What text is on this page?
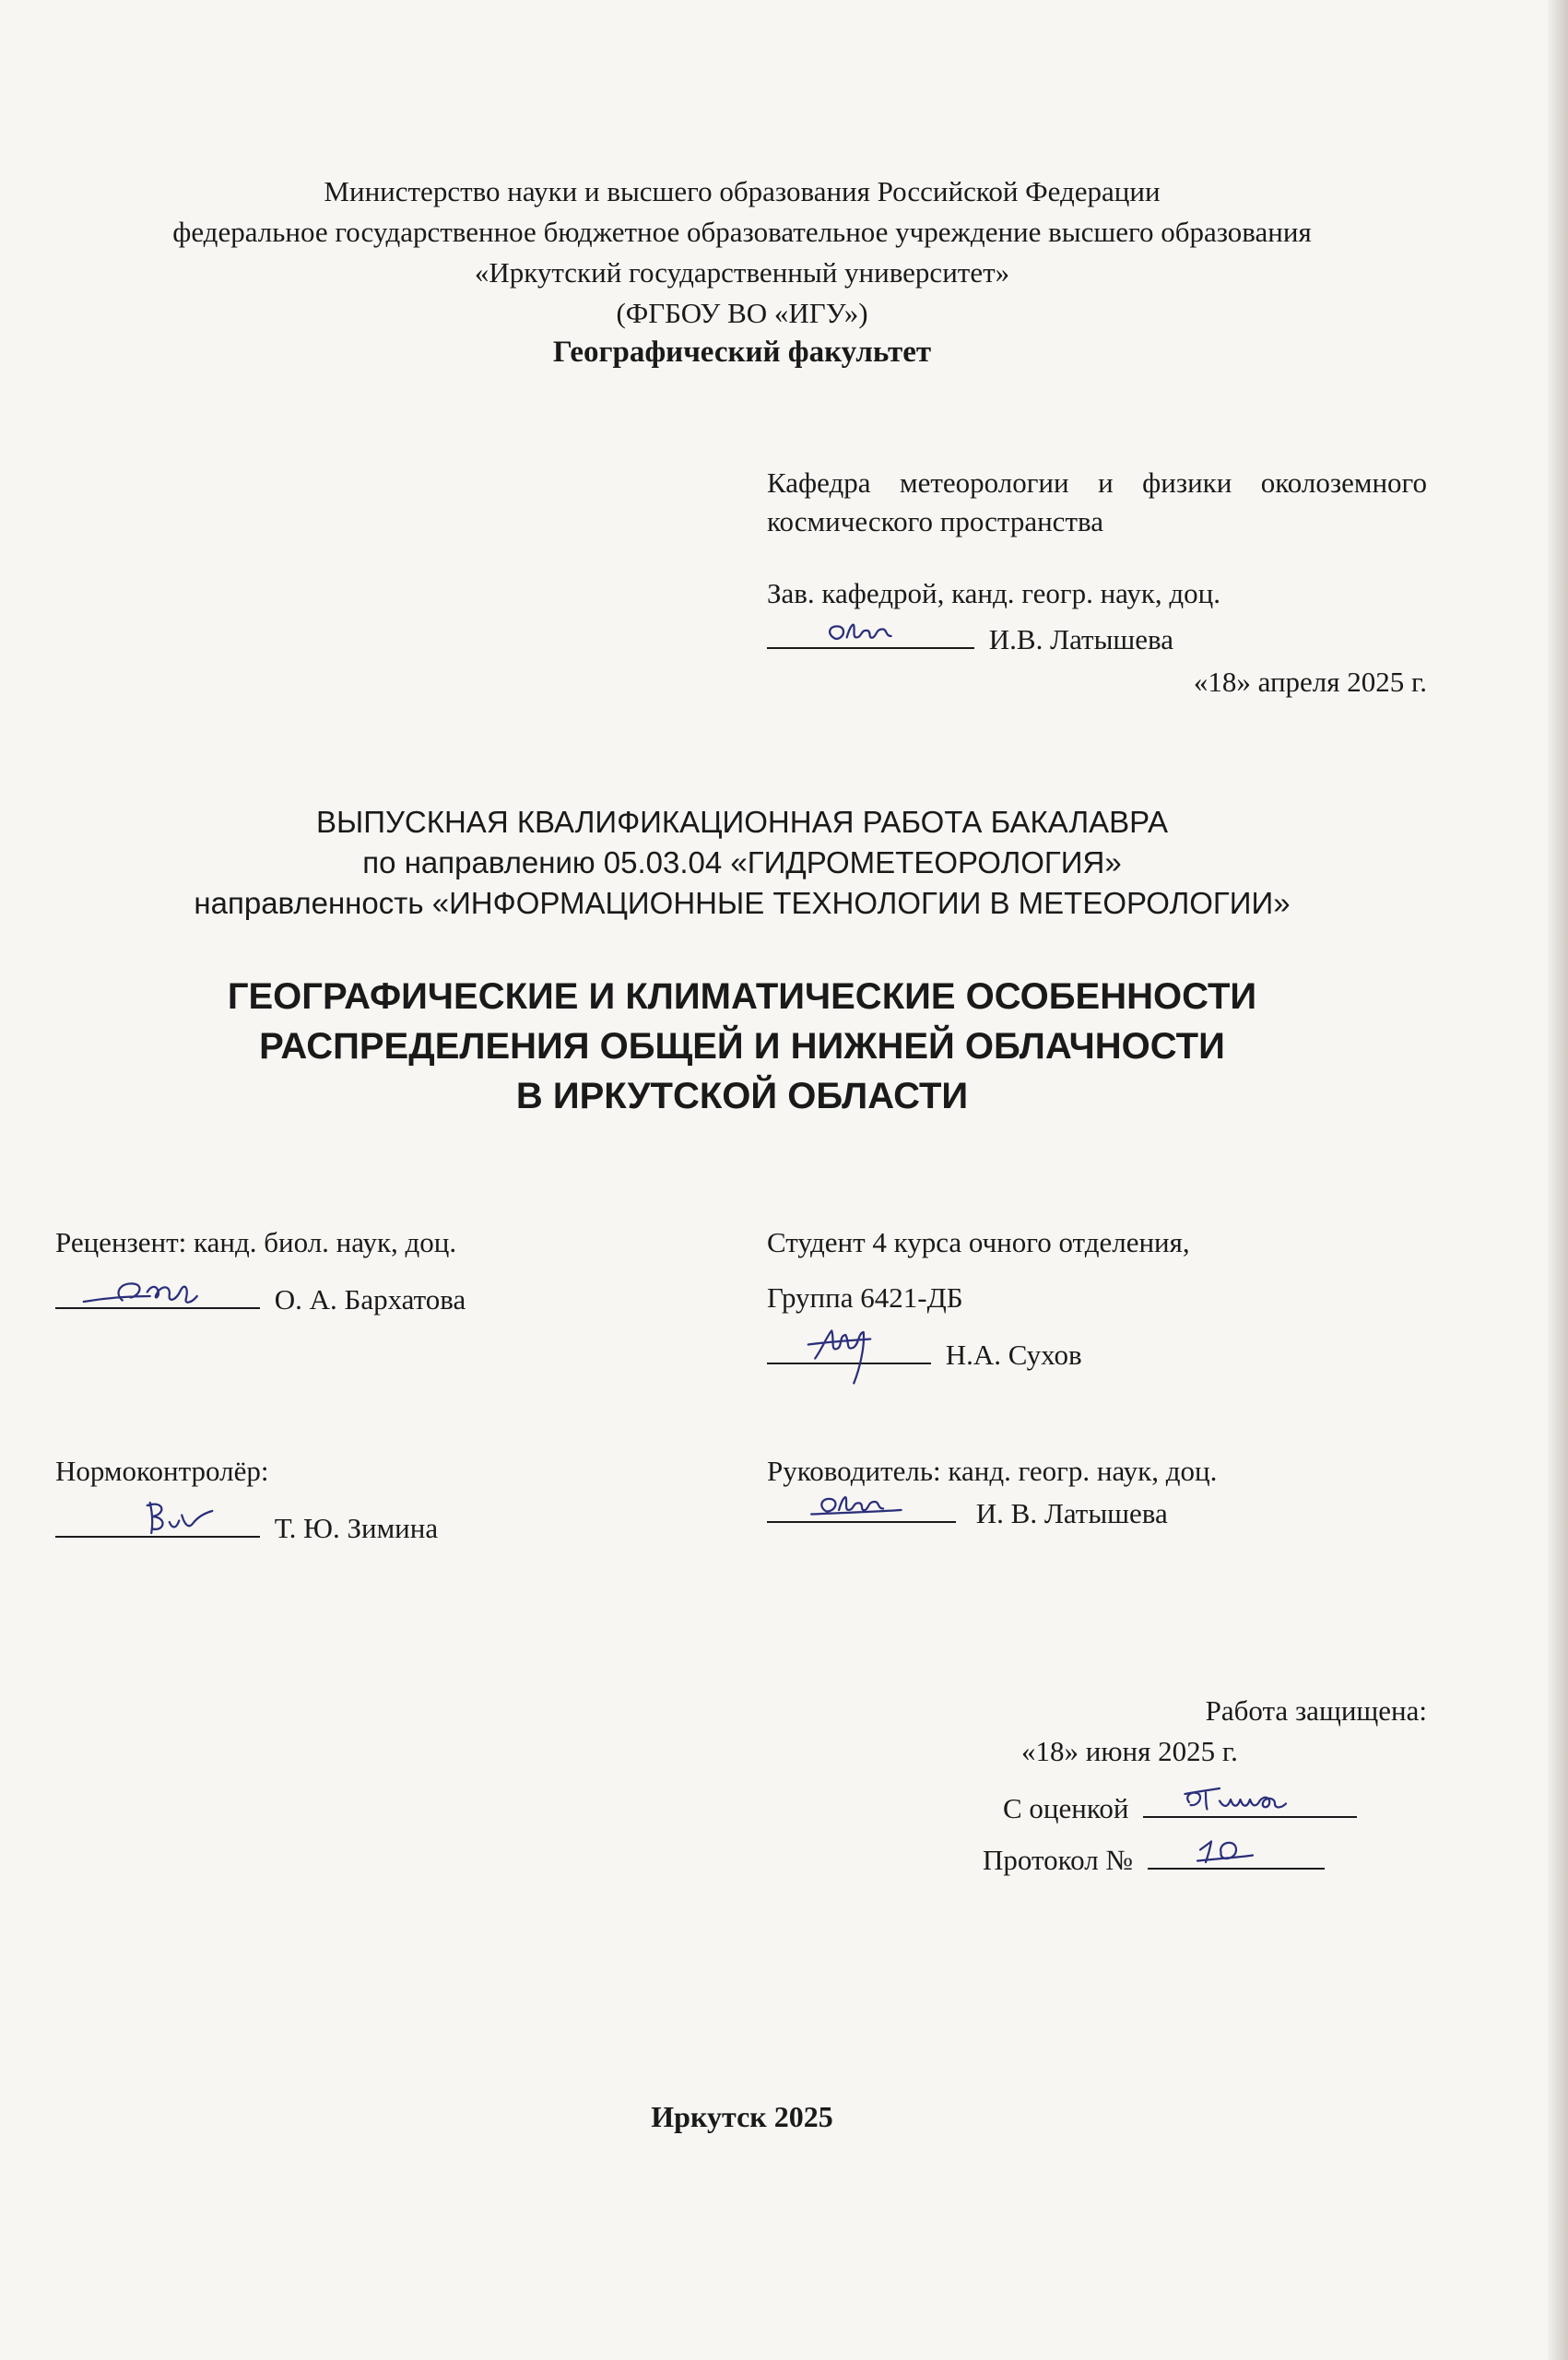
Министерство науки и высшего образования Российской Федерации
федеральное государственное бюджетное образовательное учреждение высшего образования
«Иркутский государственный университет»
(ФГБОУ ВО «ИГУ»)
Географический факультет
Кафедра метеорологии и физики околоземного
космического пространства
Зав. кафедрой, канд. геогр. наук, доц.
И.В. Латышева
«18» апреля 2025 г.
ВЫПУСКНАЯ КВАЛИФИКАЦИОННАЯ РАБОТА БАКАЛАВРА
по направлению 05.03.04 «ГИДРОМЕТЕОРОЛОГИЯ»
направленность «ИНФОРМАЦИОННЫЕ ТЕХНОЛОГИИ В МЕТЕОРОЛОГИИ»
ГЕОГРАФИЧЕСКИЕ И КЛИМАТИЧЕСКИЕ ОСОБЕННОСТИ
РАСПРЕДЕЛЕНИЯ ОБЩЕЙ И НИЖНЕЙ ОБЛАЧНОСТИ
В ИРКУТСКОЙ ОБЛАСТИ
Рецензент: канд. биол. наук, доц.
О. А. Бархатова
Студент 4 курса очного отделения,
Группа 6421-ДБ
Н.А. Сухов
Нормоконтролёр:
Т. Ю. Зимина
Руководитель: канд. геогр. наук, доц.
И. В. Латышева
Работа защищена:
«18» июня 2025 г.
С оценкой
Протокол №
Иркутск 2025
